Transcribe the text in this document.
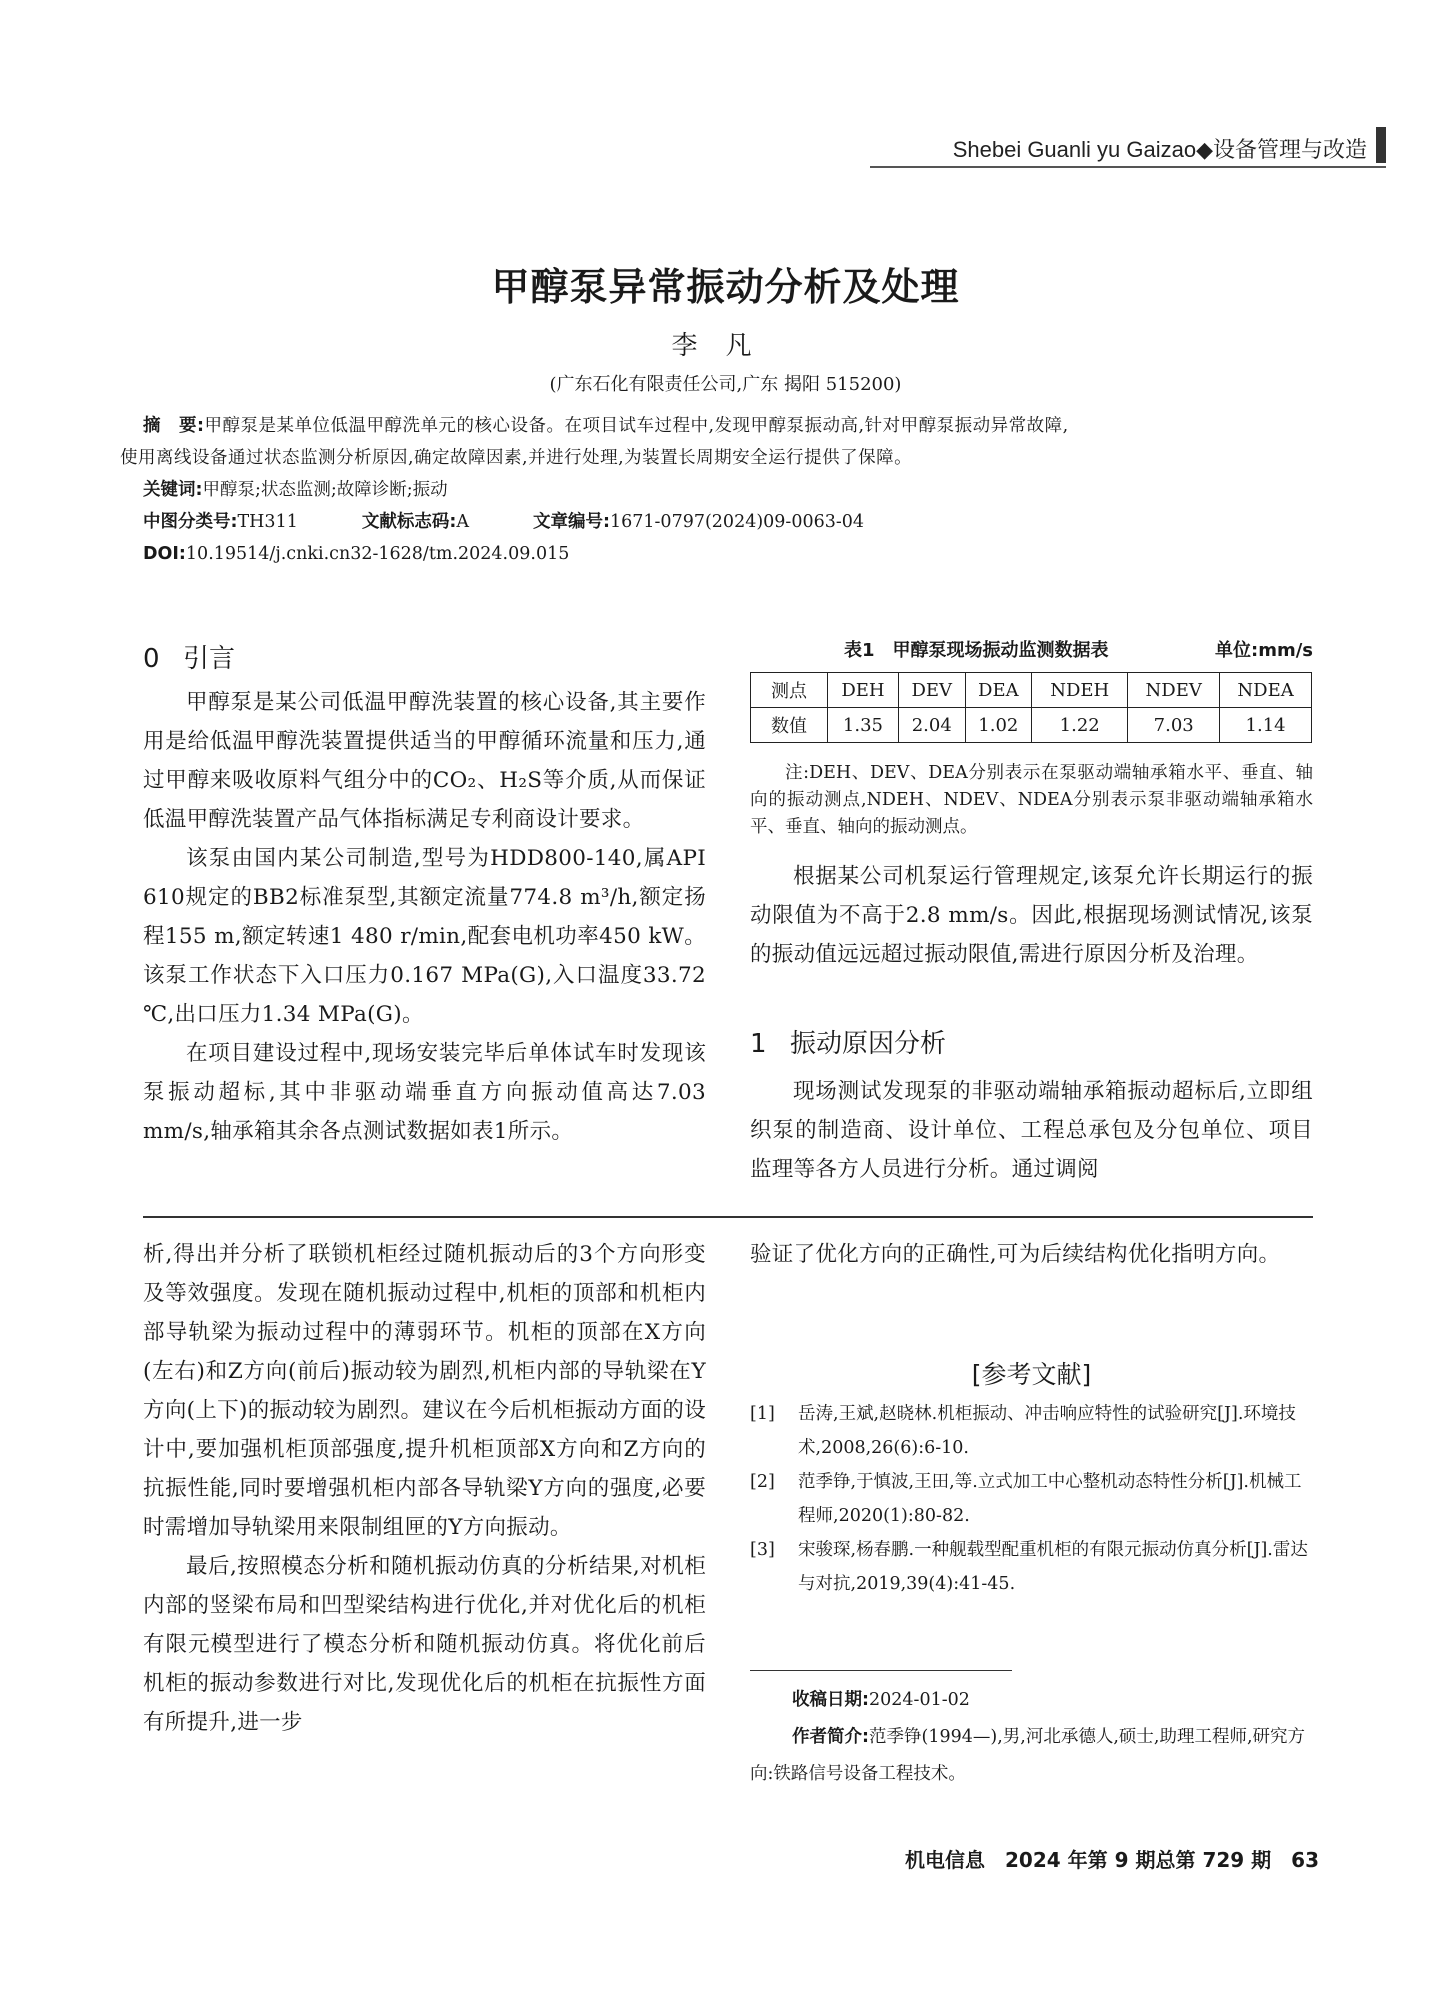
Shebei Guanli yu Gaizao◆设备管理与改造
甲醇泵异常振动分析及处理
李凡
(广东石化有限责任公司,广东 揭阳 515200)
摘　要:甲醇泵是某单位低温甲醇洗单元的核心设备。在项目试车过程中,发现甲醇泵振动高,针对甲醇泵振动异常故障,
使用离线设备通过状态监测分析原因,确定故障因素,并进行处理,为装置长周期安全运行提供了保障。
关键词:甲醇泵;状态监测;故障诊断;振动
中图分类号:TH311	文献标志码:A	文章编号:1671-0797(2024)09-0063-04
DOI:10.19514/j.cnki.cn32-1628/tm.2024.09.015
0 引言

甲醇泵是某公司低温甲醇洗装置的核心设备,其主要作用是给低温甲醇洗装置提供适当的甲醇循环流量和压力,通过甲醇来吸收原料气组分中的CO₂、H₂S等介质,从而保证低温甲醇洗装置产品气体指标满足专利商设计要求。

该泵由国内某公司制造,型号为HDD800-140,属API 610规定的BB2标准泵型,其额定流量774.8 m³/h,额定扬程155 m,额定转速1 480 r/min,配套电机功率450 kW。该泵工作状态下入口压力0.167 MPa(G),入口温度33.72 ℃,出口压力1.34 MPa(G)。

在项目建设过程中,现场安装完毕后单体试车时发现该泵振动超标,其中非驱动端垂直方向振动值高达7.03 mm/s,轴承箱其余各点测试数据如表1所示。

表1　甲醇泵现场振动监测数据表	单位:mm/s
测点	DEH	DEV	DEA	NDEH	NDEV	NDEA
数值	1.35	2.04	1.02	1.22	7.03	1.14
注:DEH、DEV、DEA分别表示在泵驱动端轴承箱水平、垂直、轴向的振动测点,NDEH、NDEV、NDEA分别表示泵非驱动端轴承箱水平、垂直、轴向的振动测点。

根据某公司机泵运行管理规定,该泵允许长期运行的振动限值为不高于2.8 mm/s。因此,根据现场测试情况,该泵的振动值远远超过振动限值,需进行原因分析及治理。

1 振动原因分析

现场测试发现泵的非驱动端轴承箱振动超标后,立即组织泵的制造商、设计单位、工程总承包及分包单位、项目监理等各方人员进行分析。通过调阅

析,得出并分析了联锁机柜经过随机振动后的3个方向形变及等效强度。发现在随机振动过程中,机柜的顶部和机柜内部导轨梁为振动过程中的薄弱环节。机柜的顶部在X方向(左右)和Z方向(前后)振动较为剧烈,机柜内部的导轨梁在Y方向(上下)的振动较为剧烈。建议在今后机柜振动方面的设计中,要加强机柜顶部强度,提升机柜顶部X方向和Z方向的抗振性能,同时要增强机柜内部各导轨梁Y方向的强度,必要时需增加导轨梁用来限制组匣的Y方向振动。

最后,按照模态分析和随机振动仿真的分析结果,对机柜内部的竖梁布局和凹型梁结构进行优化,并对优化后的机柜有限元模型进行了模态分析和随机振动仿真。将优化前后机柜的振动参数进行对比,发现优化后的机柜在抗振性方面有所提升,进一步

验证了优化方向的正确性,可为后续结构优化指明方向。

[参考文献]
[1] 岳涛,王斌,赵晓林.机柜振动、冲击响应特性的试验研究[J].环境技术,2008,26(6):6-10.
[2] 范季铮,于慎波,王田,等.立式加工中心整机动态特性分析[J].机械工程师,2020(1):80-82.
[3] 宋骏琛,杨春鹏.一种舰载型配重机柜的有限元振动仿真分析[J].雷达与对抗,2019,39(4):41-45.
收稿日期:2024-01-02
作者简介:范季铮(1994—),男,河北承德人,硕士,助理工程师,研究方向:铁路信号设备工程技术。
机电信息　2024 年第 9 期总第 729 期　63
